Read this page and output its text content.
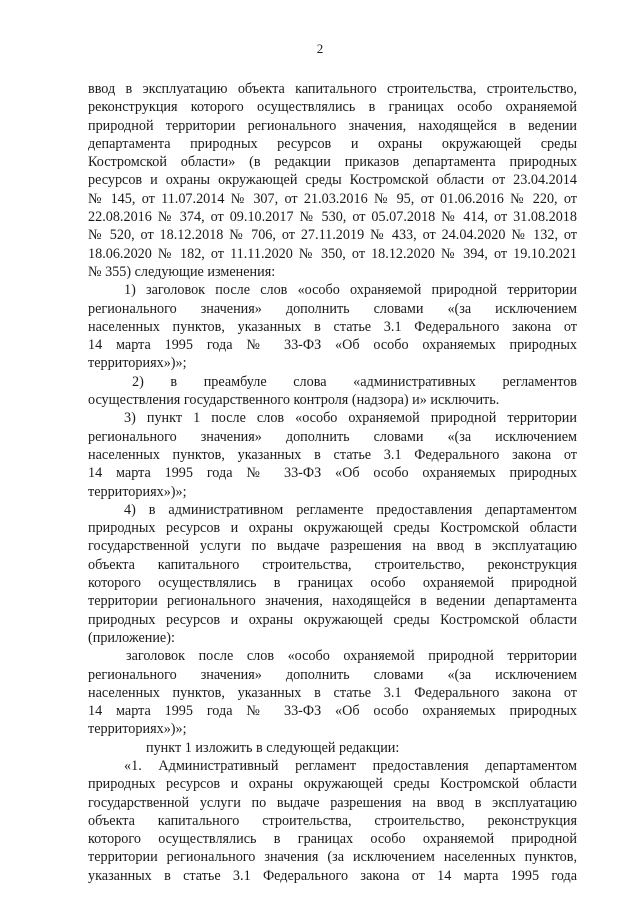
2
ввод в эксплуатацию объекта капитального строительства, строительство,
реконструкция которого осуществлялись в границах особо охраняемой
природной территории регионального значения, находящейся в ведении
департамента природных ресурсов и охраны окружающей среды
Костромской области» (в редакции приказов департамента природных
ресурсов и охраны окружающей среды Костромской области от 23.04.2014
№ 145, от 11.07.2014 № 307, от 21.03.2016 № 95, от 01.06.2016 № 220, от
22.08.2016 № 374, от 09.10.2017 № 530, от 05.07.2018 № 414, от 31.08.2018
№ 520, от 18.12.2018 № 706, от 27.11.2019 № 433, от 24.04.2020 № 132, от
18.06.2020 № 182, от 11.11.2020 № 350, от 18.12.2020 № 394, от 19.10.2021
№ 355) следующие изменения:
1) заголовок после слов «особо охраняемой природной территории
регионального значения» дополнить словами «(за исключением
населенных пунктов, указанных в статье 3.1 Федерального закона от
14 марта 1995 года № 33-ФЗ «Об особо охраняемых природных
территориях»)»;
2) в преамбуле слова «административных регламентов
осуществления государственного контроля (надзора) и» исключить.
3) пункт 1 после слов «особо охраняемой природной территории
регионального значения» дополнить словами «(за исключением
населенных пунктов, указанных в статье 3.1 Федерального закона от
14 марта 1995 года № 33-ФЗ «Об особо охраняемых природных
территориях»)»;
4) в административном регламенте предоставления департаментом
природных ресурсов и охраны окружающей среды Костромской области
государственной услуги по выдаче разрешения на ввод в эксплуатацию
объекта капитального строительства, строительство, реконструкция
которого осуществлялись в границах особо охраняемой природной
территории регионального значения, находящейся в ведении департамента
природных ресурсов и охраны окружающей среды Костромской области
(приложение):
заголовок после слов «особо охраняемой природной территории
регионального значения» дополнить словами «(за исключением
населенных пунктов, указанных в статье 3.1 Федерального закона от
14 марта 1995 года № 33-ФЗ «Об особо охраняемых природных
территориях»)»;
пункт 1 изложить в следующей редакции:
«1. Административный регламент предоставления департаментом
природных ресурсов и охраны окружающей среды Костромской области
государственной услуги по выдаче разрешения на ввод в эксплуатацию
объекта капитального строительства, строительство, реконструкция
которого осуществлялись в границах особо охраняемой природной
территории регионального значения (за исключением населенных пунктов,
указанных в статье 3.1 Федерального закона от 14 марта 1995 года
